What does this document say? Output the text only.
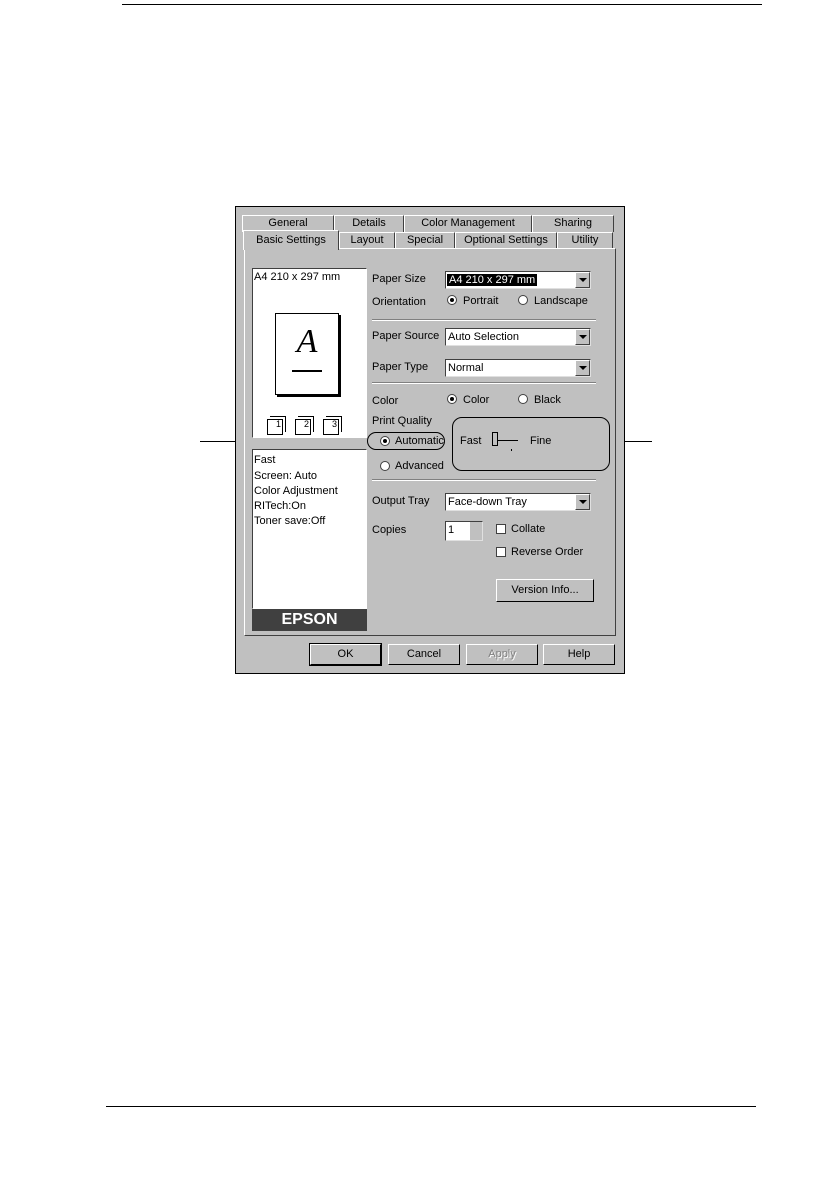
General	Details	Color Management	Sharing
Basic Settings	Layout	Special	Optional Settings	Utility
A4 210 x 297 mm
A
1	2	3
Fast
Screen: Auto
Color Adjustment
RITech:On
Toner save:Off
EPSON
Paper Size A4 210 x 297 mm
Orientation	Portrait	Landscape
Paper Source Auto Selection
Paper Type Normal
Color	Color	Black
Print Quality
Automatic
Advanced
Fast	Fine
Output Tray Face-down Tray
Copies	1	Collate
Reverse Order
Version Info...
OK	Cancel	Apply	Help
